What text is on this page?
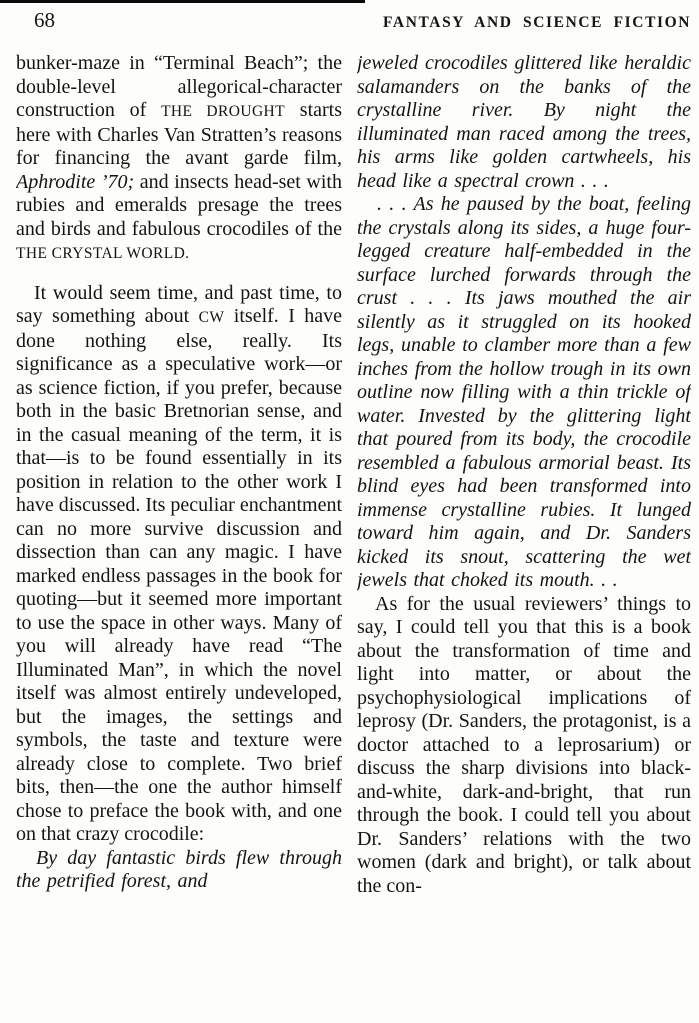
68	FANTASY AND SCIENCE FICTION

bunker-maze in “Terminal Beach”; the double-level allegorical-character construction of THE DROUGHT starts here with Charles Van Stratten’s reasons for financing the avant garde film, Aphrodite ’70; and insects head-set with rubies and emeralds presage the trees and birds and fabulous crocodiles of the THE CRYSTAL WORLD.

It would seem time, and past time, to say something about CW itself. I have done nothing else, really. Its significance as a speculative work—or as science fiction, if you prefer, because both in the basic Bretnorian sense, and in the casual meaning of the term, it is that—is to be found essentially in its position in relation to the other work I have discussed. Its peculiar enchantment can no more survive discussion and dissection than can any magic. I have marked endless passages in the book for quoting—but it seemed more important to use the space in other ways. Many of you will already have read “The Illuminated Man”, in which the novel itself was almost entirely undeveloped, but the images, the settings and symbols, the taste and texture were already close to complete. Two brief bits, then—the one the author himself chose to preface the book with, and one on that crazy crocodile:

By day fantastic birds flew through the petrified forest, and

jeweled crocodiles glittered like heraldic salamanders on the banks of the crystalline river. By night the illuminated man raced among the trees, his arms like golden cartwheels, his head like a spectral crown . . .

. . . As he paused by the boat, feeling the crystals along its sides, a huge four-legged creature half-embedded in the surface lurched forwards through the crust . . . Its jaws mouthed the air silently as it struggled on its hooked legs, unable to clamber more than a few inches from the hollow trough in its own outline now filling with a thin trickle of water. Invested by the glittering light that poured from its body, the crocodile resembled a fabulous armorial beast. Its blind eyes had been transformed into immense crystalline rubies. It lunged toward him again, and Dr. Sanders kicked its snout, scattering the wet jewels that choked its mouth. . .

As for the usual reviewers’ things to say, I could tell you that this is a book about the transformation of time and light into matter, or about the psychophysiological implications of leprosy (Dr. Sanders, the protagonist, is a doctor attached to a leprosarium) or discuss the sharp divisions into black-and-white, dark-and-bright, that run through the book. I could tell you about Dr. Sanders’ relations with the two women (dark and bright), or talk about the con-
